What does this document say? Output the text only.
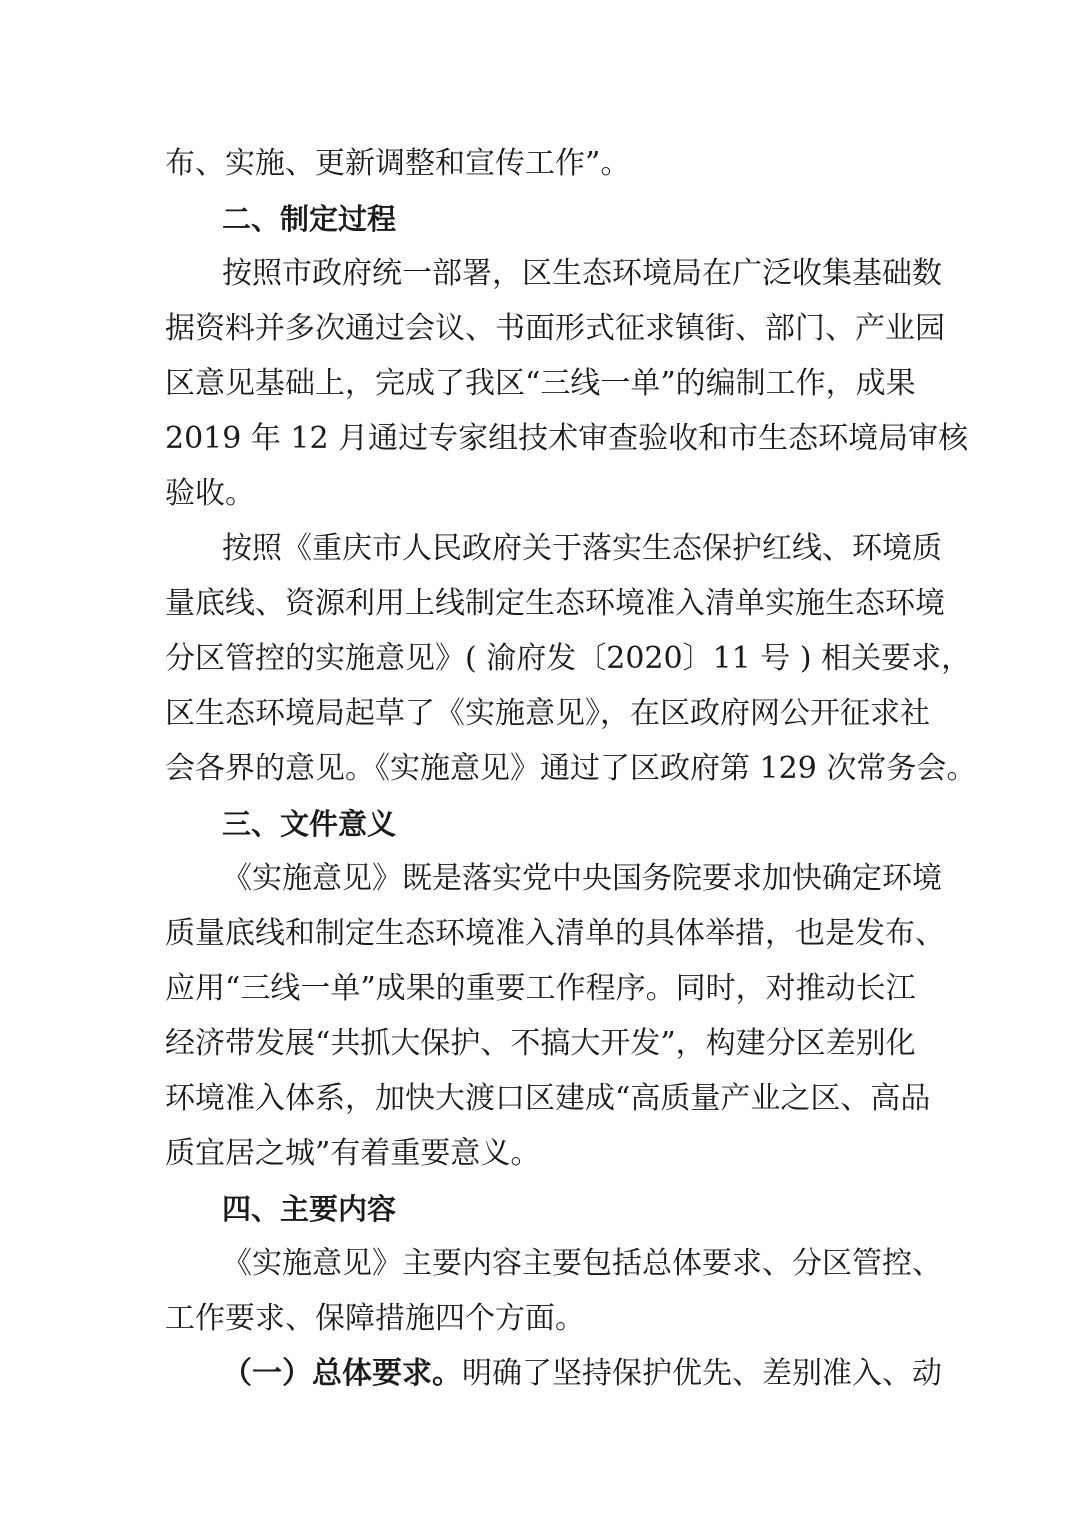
布、实施、更新调整和宣传工作”。
二、制定过程
按照市政府统一部署，区生态环境局在广泛收集基础数
据资料并多次通过会议、书面形式征求镇街、部门、产业园
区意见基础上，完成了我区“三线一单”的编制工作，成果
2019 年 12 月通过专家组技术审查验收和市生态环境局审核
验收。
按照《重庆市人民政府关于落实生态保护红线、环境质
量底线、资源利用上线制定生态环境准入清单实施生态环境
分区管控的实施意见》( 渝府发〔2020〕11 号 ) 相关要求，
区生态环境局起草了《实施意见》，在区政府网公开征求社
会各界的意见。《实施意见》通过了区政府第 129 次常务会。
三、文件意义
《实施意见》既是落实党中央国务院要求加快确定环境
质量底线和制定生态环境准入清单的具体举措，也是发布、
应用“三线一单”成果的重要工作程序。同时，对推动长江
经济带发展“共抓大保护、不搞大开发”，构建分区差别化
环境准入体系，加快大渡口区建成“高质量产业之区、高品
质宜居之城”有着重要意义。
四、主要内容
《实施意见》主要内容主要包括总体要求、分区管控、
工作要求、保障措施四个方面。
（一）总体要求。明确了坚持保护优先、差别准入、动
